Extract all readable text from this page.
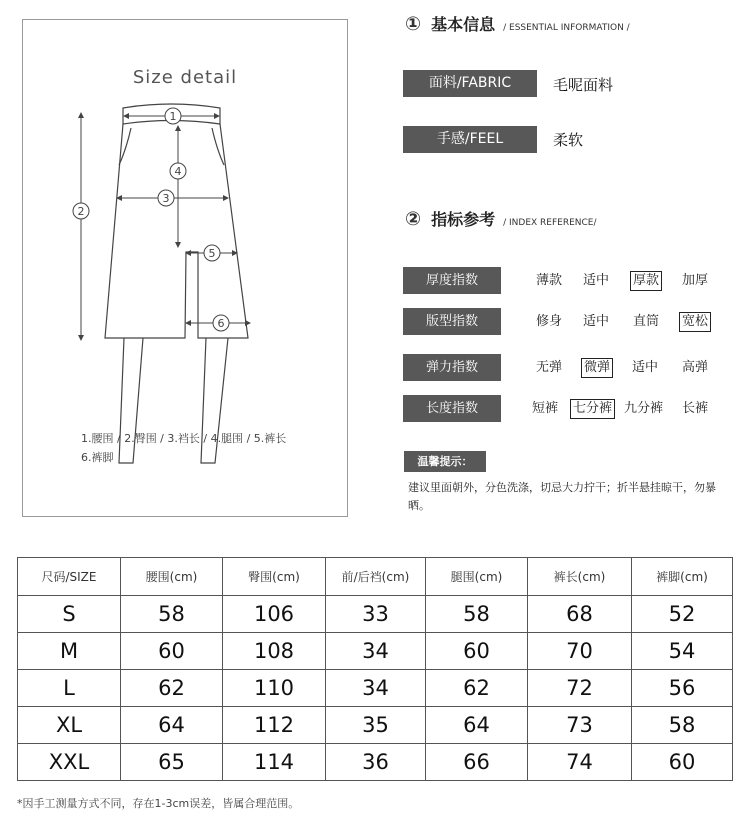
Size detail
1
2
3
4
5
6
1.腰围 / 2.臀围 / 3.裆长 / 4.腿围 / 5.裤长
6.裤脚
① 基本信息 / ESSENTIAL INFORMATION /
面料/FABRIC	毛呢面料
手感/FEEL	柔软
② 指标参考 / INDEX REFERENCE/
厚度指数	薄款 适中 厚款 加厚
版型指数	修身 适中 直筒 宽松
弹力指数	无弹 微弹 适中 高弹
长度指数	短裤 七分裤 九分裤 长裤
温馨提示：
建议里面朝外，分色洗涤，切忌大力拧干；折半悬挂晾干，勿暴晒。
尺码/SIZE	腰围(cm)	臀围(cm)	前/后裆(cm)	腿围(cm)	裤长(cm)	裤脚(cm)
S	58	106	33	58	68	52
M	60	108	34	60	70	54
L	62	110	34	62	72	56
XL	64	112	35	64	73	58
XXL	65	114	36	66	74	60
*因手工测量方式不同，存在1-3cm误差，皆属合理范围。
